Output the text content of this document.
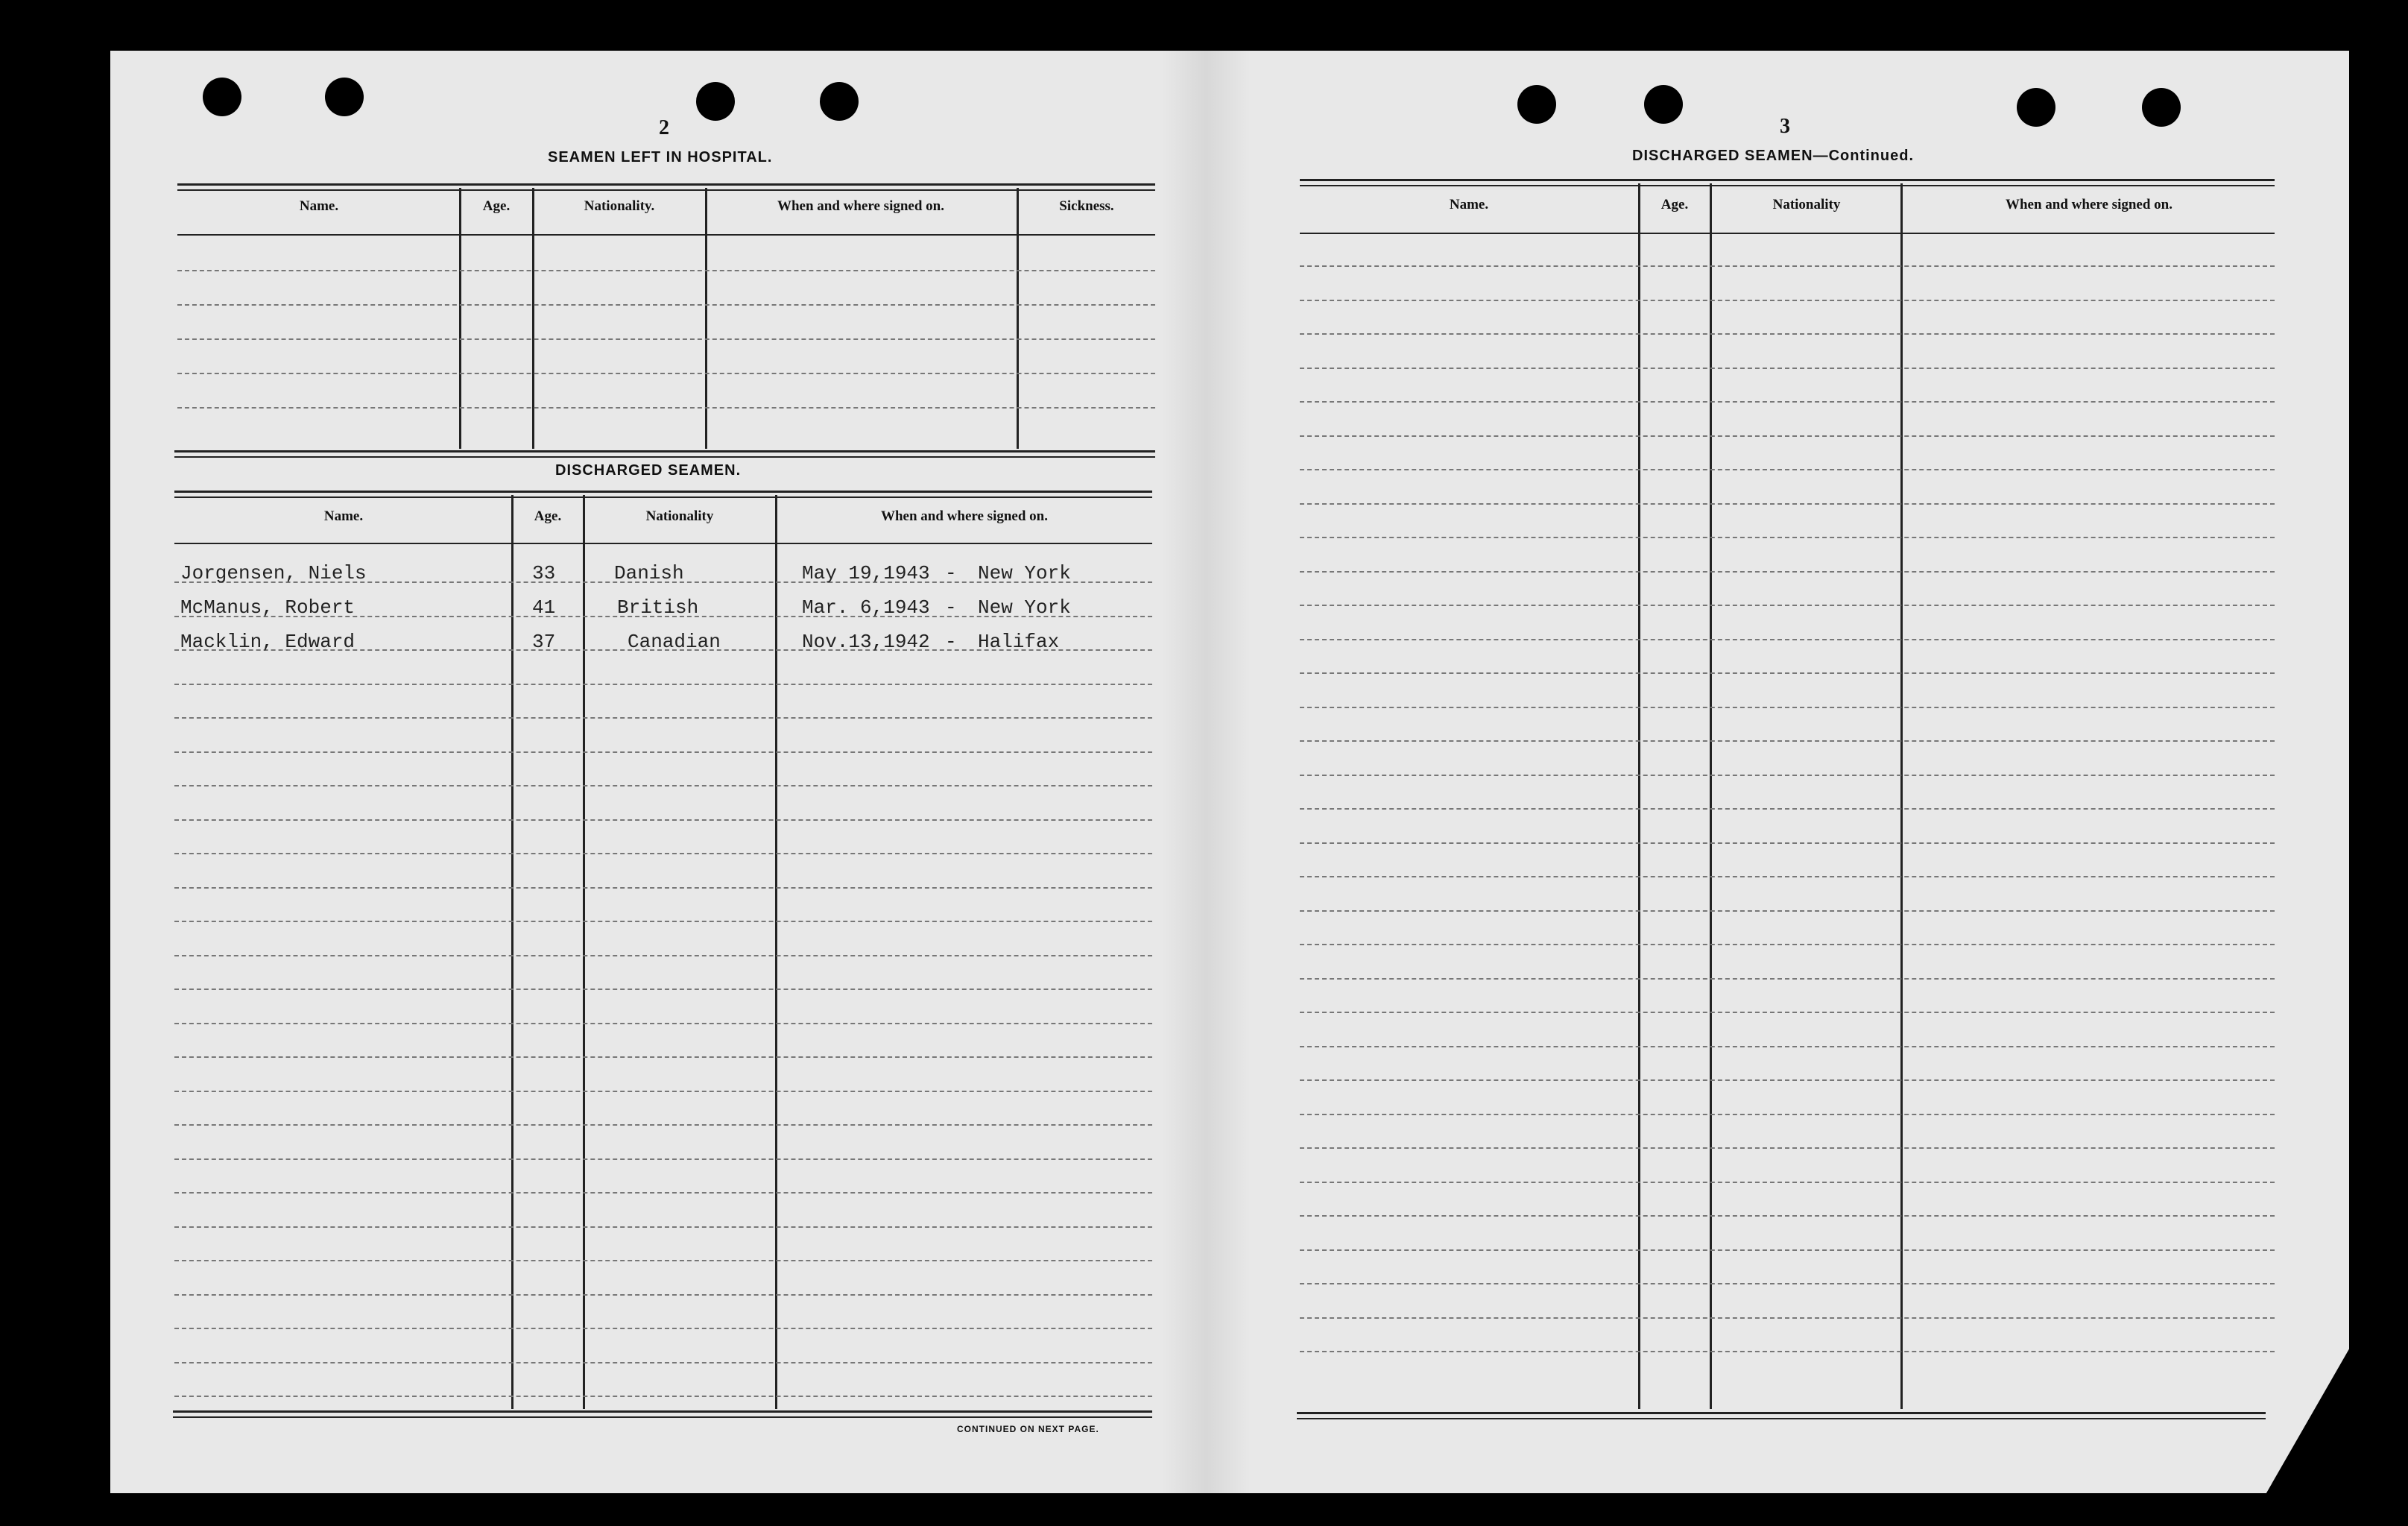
2
SEAMEN LEFT IN HOSPITAL.
Name.	Age.	Nationality.	When and where signed on.	Sickness.
DISCHARGED SEAMEN.
Name.	Age.	Nationality	When and where signed on.
Jorgensen, Niels	33	Danish	May 19,1943 - New York
McManus, Robert	41	British	Mar. 6,1943 - New York
Macklin, Edward	37	Canadian	Nov.13,1942 - Halifax
CONTINUED ON NEXT PAGE.
3
DISCHARGED SEAMEN—Continued.
Name.	Age.	Nationality	When and where signed on.
